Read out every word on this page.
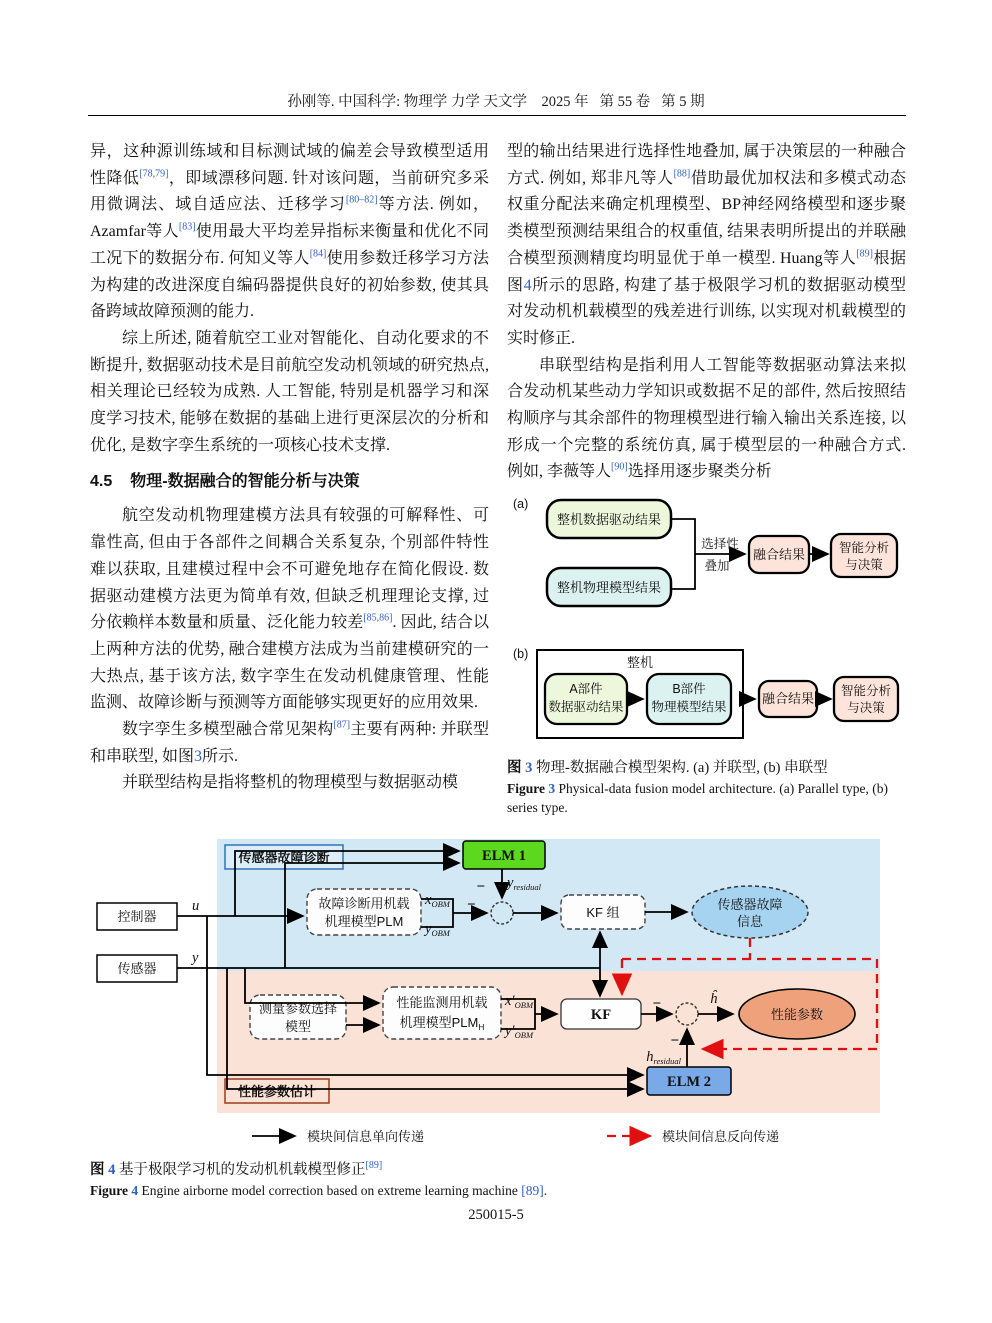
孙刚等. 中国科学: 物理学 力学 天文学    2025 年   第 55 卷   第 5 期

异，这种源训练域和目标测试域的偏差会导致模型适用性降低[78,79]，即域漂移问题. 针对该问题，当前研究多采用微调法、域自适应法、迁移学习[80–82]等方法. 例如，Azamfar等人[83]使用最大平均差异指标来衡量和优化不同工况下的数据分布. 何知义等人[84]使用参数迁移学习方法为构建的改进深度自编码器提供良好的初始参数, 使其具备跨域故障预测的能力.

综上所述, 随着航空工业对智能化、自动化要求的不断提升, 数据驱动技术是目前航空发动机领域的研究热点, 相关理论已经较为成熟. 人工智能, 特别是机器学习和深度学习技术, 能够在数据的基础上进行更深层次的分析和优化, 是数字孪生系统的一项核心技术支撑.

4.5 物理-数据融合的智能分析与决策

航空发动机物理建模方法具有较强的可解释性、可靠性高, 但由于各部件之间耦合关系复杂, 个别部件特性难以获取, 且建模过程中会不可避免地存在简化假设. 数据驱动建模方法更为简单有效, 但缺乏机理理论支撑, 过分依赖样本数量和质量、泛化能力较差[85,86]. 因此, 结合以上两种方法的优势, 融合建模方法成为当前建模研究的一大热点, 基于该方法, 数字孪生在发动机健康管理、性能监测、故障诊断与预测等方面能够实现更好的应用效果.

数字孪生多模型融合常见架构[87]主要有两种: 并联型和串联型, 如图3所示.

并联型结构是指将整机的物理模型与数据驱动模

型的输出结果进行选择性地叠加, 属于决策层的一种融合方式. 例如, 郑非凡等人[88]借助最优加权法和多模式动态权重分配法来确定机理模型、BP神经网络模型和逐步聚类模型预测结果组合的权重值, 结果表明所提出的并联融合模型预测精度均明显优于单一模型. Huang等人[89]根据图4所示的思路, 构建了基于极限学习机的数据驱动模型对发动机机载模型的残差进行训练, 以实现对机载模型的实时修正.

串联型结构是指利用人工智能等数据驱动算法来拟合发动机某些动力学知识或数据不足的部件, 然后按照结构顺序与其余部件的物理模型进行输入输出关系连接, 以形成一个完整的系统仿真, 属于模型层的一种融合方式. 例如, 李薇等人[90]选择用逐步聚类分析

(a)
整机数据驱动结果
整机物理模型结果
选择性
叠加
融合结果	智能分析
与决策
(b)
整机
A部件
数据驱动结果
B部件
物理模型结果
融合结果 智能分析
与决策
图 3 物理-数据融合模型架构. (a) 并联型, (b) 串联型
Figure 3 Physical-data fusion model architecture. (a) Parallel type, (b) series type.
传感器故障诊断
性能参数估计
控制器
传感器
u
y
ELM 1
故障诊断用机载
机理模型PLM
$x_{OBM}$
$y_{OBM}$
−
$y_{residual}$
−
KF 组
传感器故障
信息
测量参数选择
模型
性能监测用机载
机理模型$PLM_H$
$x'_{OBM}$
$y'_{OBM}$
KF
−	ĥ
性能参数
ELM 2
−
$h_{residual}$
模块间信息单向传递	模块间信息反向传递
图 4 基于极限学习机的发动机机载模型修正[89]
Figure 4 Engine airborne model correction based on extreme learning machine [89].
250015-5
